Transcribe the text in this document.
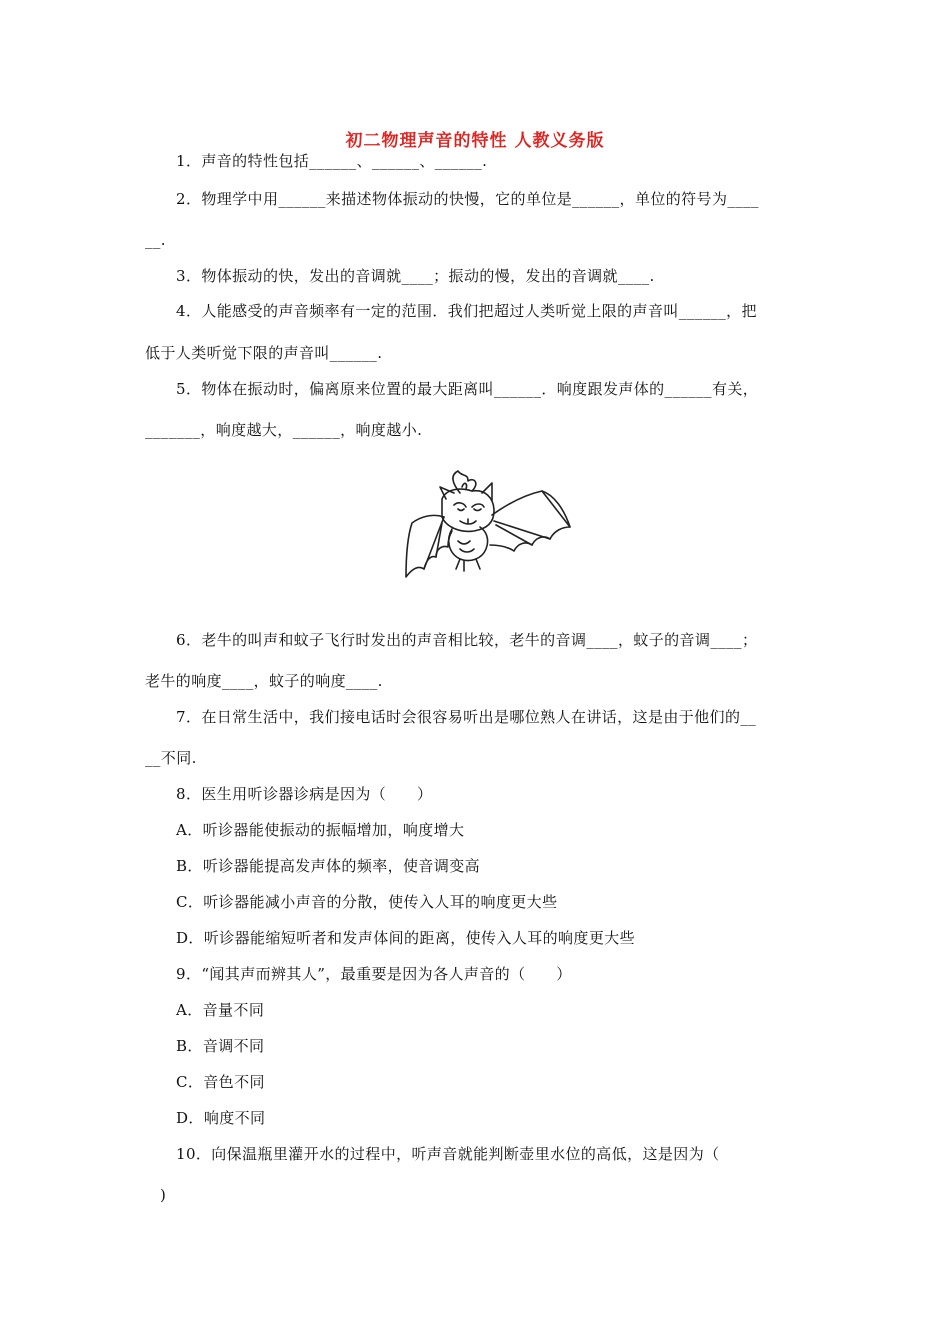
初二物理声音的特性 人教义务版
1．声音的特性包括______、______、______.
2．物理学中用______来描述物体振动的快慢，它的单位是______，单位的符号为____
__.
3．物体振动的快，发出的音调就____；振动的慢，发出的音调就____.
4．人能感受的声音频率有一定的范围．我们把超过人类听觉上限的声音叫______，把
低于人类听觉下限的声音叫______.
5．物体在振动时，偏离原来位置的最大距离叫______．响度跟发声体的______有关，
_______，响度越大，______，响度越小.
6．老牛的叫声和蚊子飞行时发出的声音相比较，老牛的音调____，蚊子的音调____；
老牛的响度____，蚊子的响度____.
7．在日常生活中，我们接电话时会很容易听出是哪位熟人在讲话，这是由于他们的__
__不同.
8．医生用听诊器诊病是因为（　　）
A．听诊器能使振动的振幅增加，响度增大
B．听诊器能提高发声体的频率，使音调变高
C．听诊器能减小声音的分散，使传入人耳的响度更大些
D．听诊器能缩短听者和发声体间的距离，使传入人耳的响度更大些
9．“闻其声而辨其人”，最重要是因为各人声音的（　　）
A．音量不同
B．音调不同
C．音色不同
D．响度不同
10．向保温瓶里灌开水的过程中，听声音就能判断壶里水位的高低，这是因为（
)
